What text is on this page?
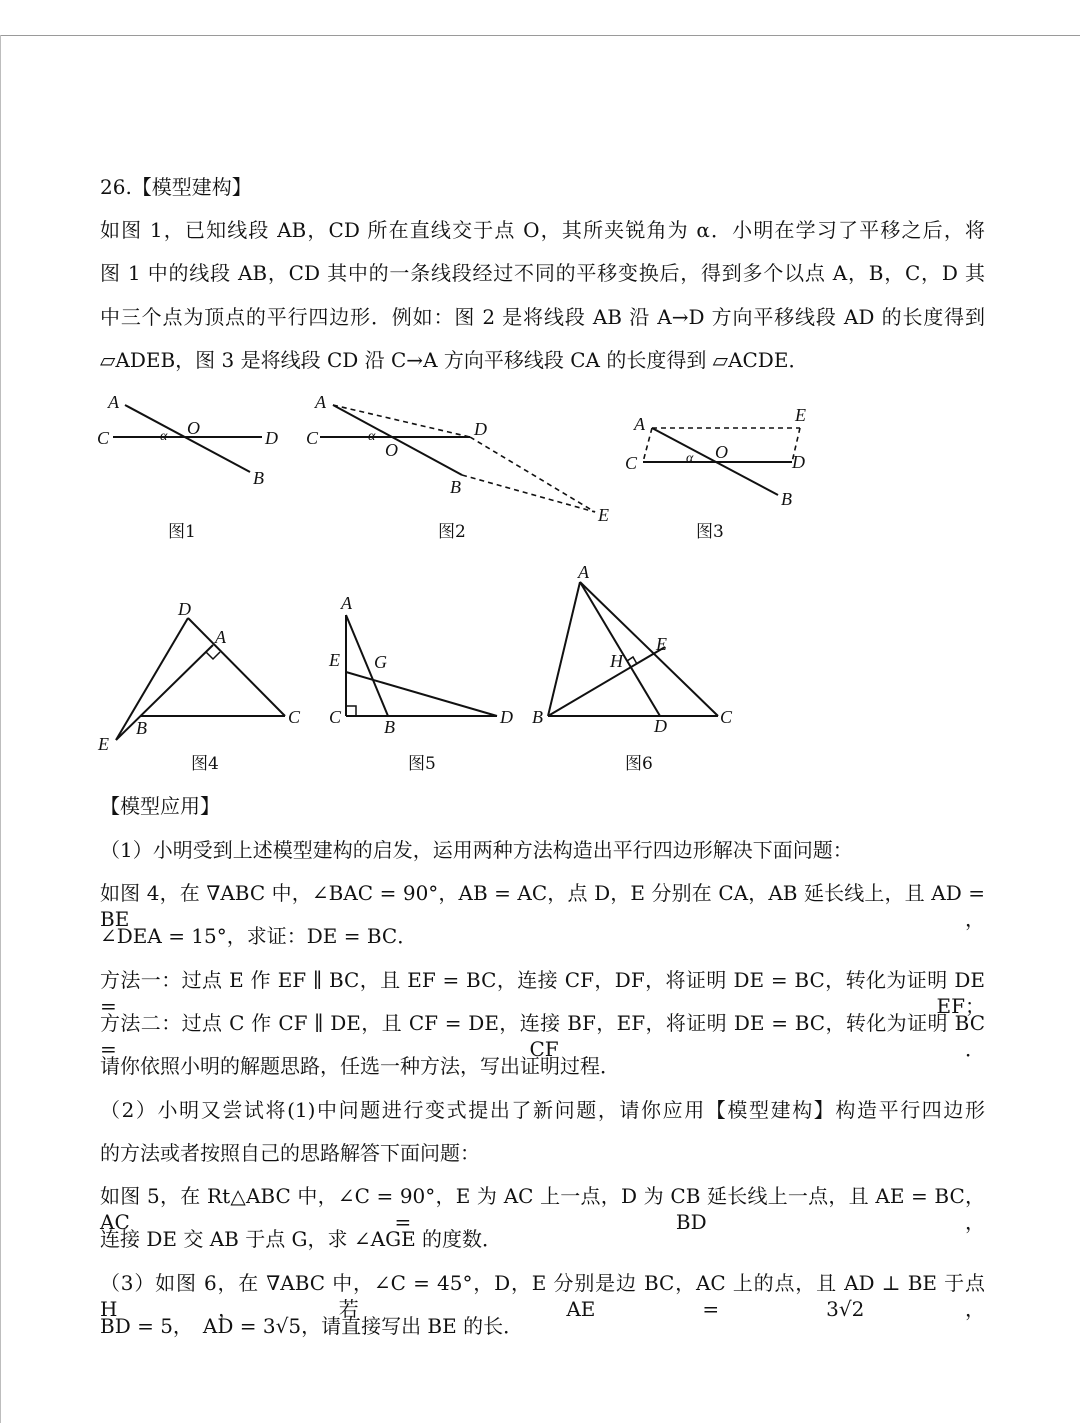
26.【模型建构】
如图 1，已知线段 AB，CD 所在直线交于点 O，其所夹锐角为 α．小明在学习了平移之后，将
图 1 中的线段 AB，CD 其中的一条线段经过不同的平移变换后，得到多个以点 A，B，C，D 其
中三个点为顶点的平行四边形．例如：图 2 是将线段 AB 沿 A→D 方向平移线段 AD 的长度得到
▱ADEB，图 3 是将线段 CD 沿 C→A 方向平移线段 CA 的长度得到 ▱ACDE．
A
B
C	D
O
α
图1
A
B
C	D
E
O
α
图2
A
B
C	D
E
O
α
图3
A
B
C
D
E
图4
A
B
C	D
E G
图5
A
B	C
D
E
H
图6
【模型应用】
（1）小明受到上述模型建构的启发，运用两种方法构造出平行四边形解决下面问题：
如图 4，在 ∇ABC 中，∠BAC = 90°，AB = AC，点 D，E 分别在 CA，AB 延长线上，且 AD = BE，
∠DEA = 15°，求证：DE = BC．
方法一：过点 E 作 EF ∥ BC，且 EF = BC，连接 CF，DF，将证明 DE = BC，转化为证明 DE = EF；
方法二：过点 C 作 CF ∥ DE，且 CF = DE，连接 BF，EF，将证明 DE = BC，转化为证明 BC = CF．
请你依照小明的解题思路，任选一种方法，写出证明过程．
（2）小明又尝试将(1)中问题进行变式提出了新问题，请你应用【模型建构】构造平行四边形
的方法或者按照自己的思路解答下面问题：
如图 5，在 Rt△ABC 中，∠C = 90°，E 为 AC 上一点，D 为 CB 延长线上一点，且 AE = BC，AC = BD，
连接 DE 交 AB 于点 G，求 ∠AGE 的度数．
（3）如图 6，在 ∇ABC 中，∠C = 45°，D，E 分别是边 BC，AC 上的点，且 AD ⊥ BE 于点 H，若 AE = 3√2，
BD = 5，　AD = 3√5，请直接写出 BE 的长．
